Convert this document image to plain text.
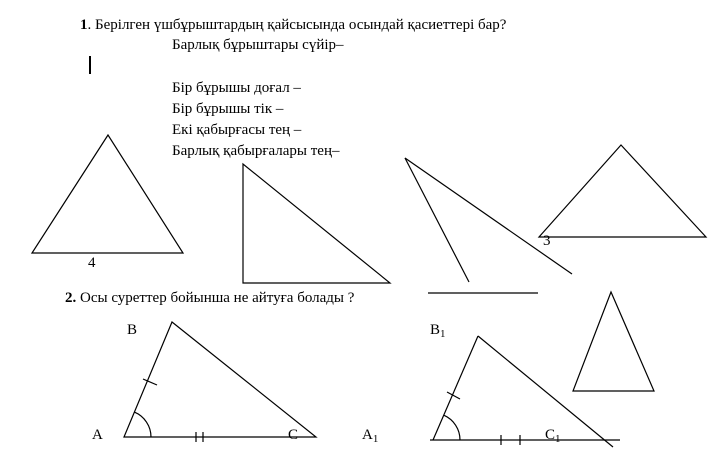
1. Берілген үшбұрыштардың қайсысында осындай қасиеттері бар?
Барлық бұрыштары сүйір–
Бір бұрышы доғал –
Бір бұрышы тік –
Екі қабырғасы тең –
Барлық қабырғалары тең–
4
3
2. Осы суреттер бойынша не айтуға болады ?
B
A	C
$B_1$
$A_1$	$C_1$
